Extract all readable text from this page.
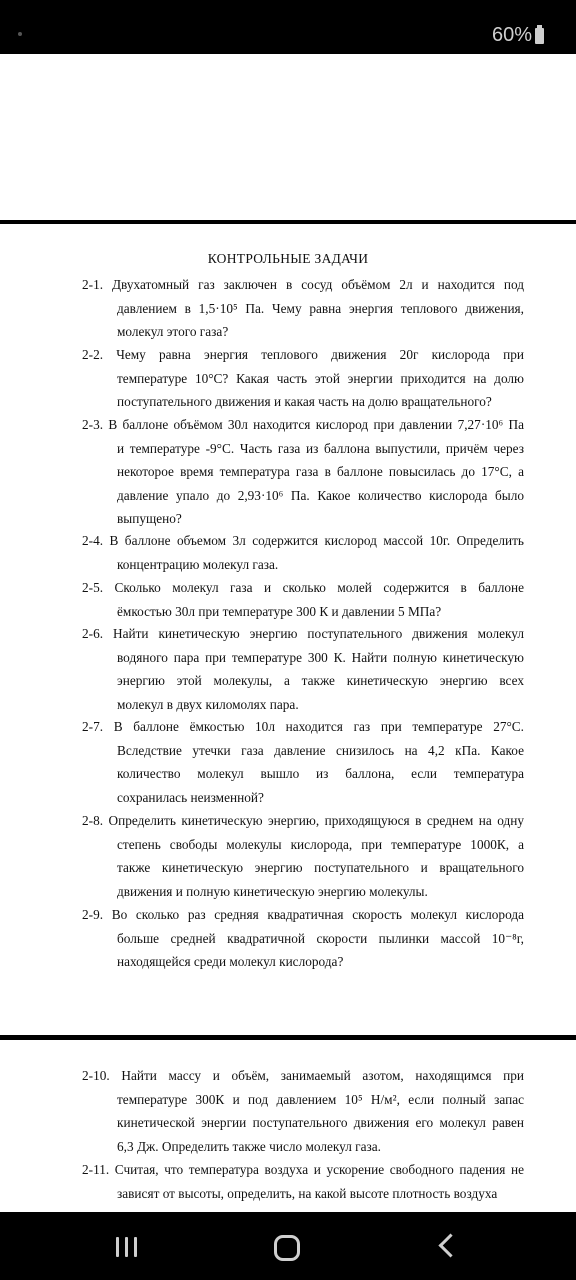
60%
КОНТРОЛЬНЫЕ ЗАДАЧИ
2-1. Двухатомный газ заключен в сосуд объёмом 2л и находится под
давлением в 1,5·10⁵ Па. Чему равна энергия теплового движения,
молекул этого газа?
2-2. Чему равна энергия теплового движения 20г кислорода при
температуре 10°C? Какая часть этой энергии приходится на долю
поступательного движения и какая часть на долю вращательного?
2-3. В баллоне объёмом 30л находится кислород при давлении 7,27·10⁶ Па
и температуре -9°C. Часть газа из баллона выпустили, причём через
некоторое время температура газа в баллоне повысилась до 17°C, а
давление упало до 2,93·10⁶ Па. Какое количество кислорода было
выпущено?
2-4. В баллоне объемом 3л содержится кислород массой 10г. Определить
концентрацию молекул газа.
2-5. Сколько молекул газа и сколько молей содержится в баллоне
ёмкостью 30л при температуре 300 К и давлении 5 МПа?
2-6. Найти кинетическую энергию поступательного движения молекул
водяного пара при температуре 300 К. Найти полную кинетическую
энергию этой молекулы, а также кинетическую энергию всех
молекул в двух киломолях пара.
2-7. В баллоне ёмкостью 10л находится газ при температуре 27°C.
Вследствие утечки газа давление снизилось на 4,2 кПа. Какое
количество молекул вышло из баллона, если температура
сохранилась неизменной?
2-8. Определить кинетическую энергию, приходящуюся в среднем на одну
степень свободы молекулы кислорода, при температуре 1000К, а
также кинетическую энергию поступательного и вращательного
движения и полную кинетическую энергию молекулы.
2-9. Во сколько раз средняя квадратичная скорость молекул кислорода
больше средней квадратичной скорости пылинки массой 10⁻⁸г,
находящейся среди молекул кислорода?
2-10. Найти массу и объём, занимаемый азотом, находящимся при
температуре 300К и под давлением 10⁵ Н/м², если полный запас
кинетической энергии поступательного движения его молекул равен
6,3 Дж. Определить также число молекул газа.
2-11. Считая, что температура воздуха и ускорение свободного падения не
зависят от высоты, определить, на какой высоте плотность воздуха
